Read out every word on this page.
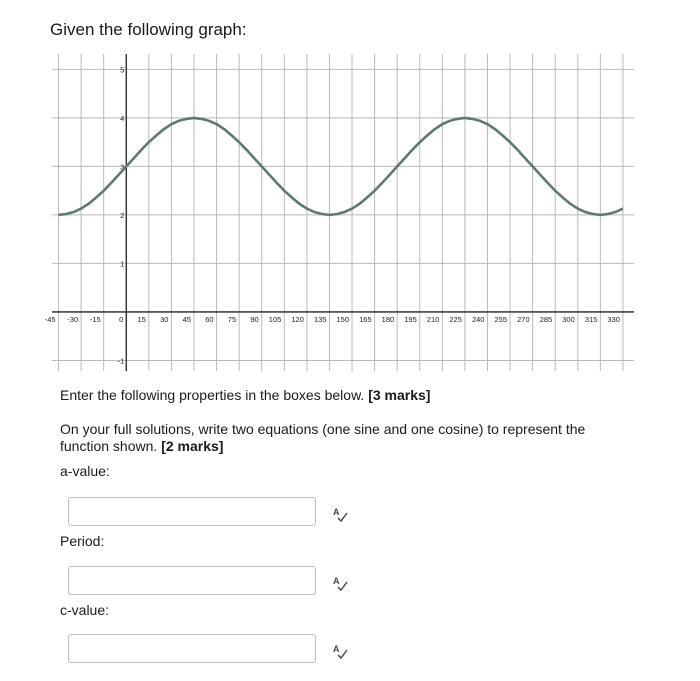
Given the following graph:
-45 -30 -15 0 15 30 45 60 75 90 105 120 135 150 165 180 195 210 225 240 255 270 285 300 315 330
5
4
3
2
1
-1

Enter the following properties in the boxes below. [3 marks]

On your full solutions, write two equations (one sine and one cosine) to represent the function shown. [2 marks]

a-value:
A
Period:
A
c-value:
A
